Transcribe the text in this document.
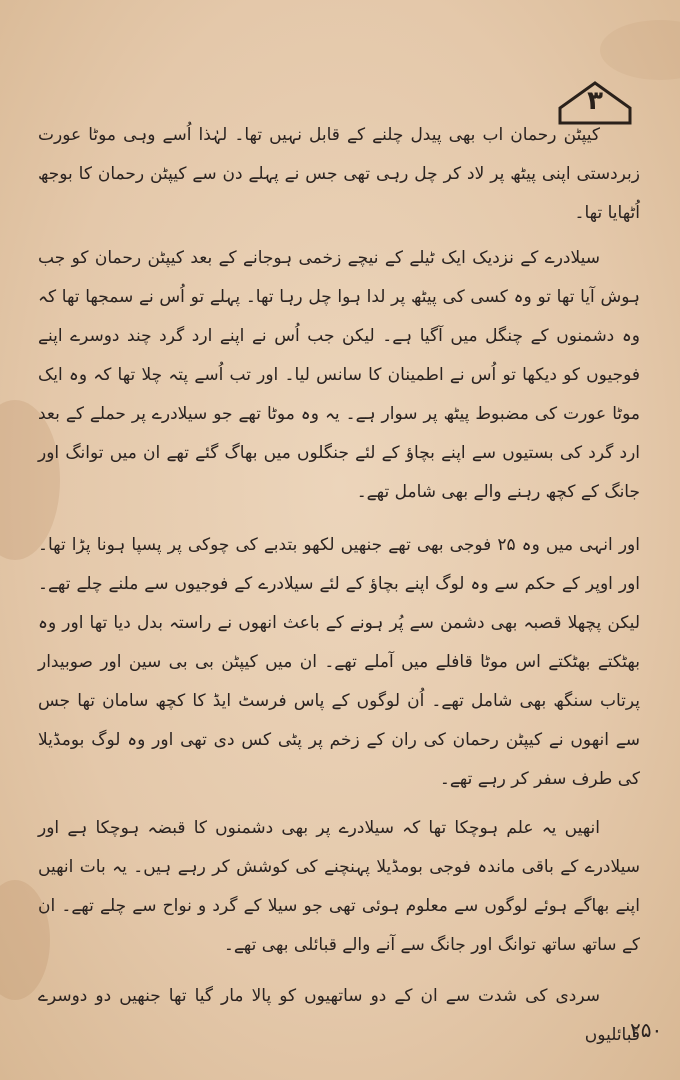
۳

کیپٹن رحمان اب بھی پیدل چلنے کے قابل نہیں تھا۔ لہٰذا اُسے وہی موٹا عورت زبردستی اپنی پیٹھ پر لاد کر چل رہی تھی جس نے پہلے دن سے کیپٹن رحمان کا بوجھ اُٹھایا تھا۔

سیلادرے کے نزدیک ایک ٹیلے کے نیچے زخمی ہوجانے کے بعد کیپٹن رحمان کو جب ہوش آیا تھا تو وہ کسی کی پیٹھ پر لدا ہوا چل رہا تھا۔ پہلے تو اُس نے سمجھا تھا کہ وہ دشمنوں کے چنگل میں آگیا ہے۔ لیکن جب اُس نے اپنے ارد گرد چند دوسرے اپنے فوجیوں کو دیکھا تو اُس نے اطمینان کا سانس لیا۔ اور تب اُسے پتہ چلا تھا کہ وہ ایک موٹا عورت کی مضبوط پیٹھ پر سوار ہے۔ یہ وہ موٹا تھے جو سیلادرے پر حملے کے بعد ارد گرد کی بستیوں سے اپنے بچاؤ کے لئے جنگلوں میں بھاگ گئے تھے ان میں توانگ اور جانگ کے کچھ رہنے والے بھی شامل تھے۔

اور انہی میں وہ ۲۵ فوجی بھی تھے جنھیں لکھو بتدبے کی چوکی پر پسپا ہونا پڑا تھا۔ اور اوپر کے حکم سے وہ لوگ اپنے بچاؤ کے لئے سیلادرے کے فوجیوں سے ملنے چلے تھے۔ لیکن پچھلا قصبہ بھی دشمن سے پُر ہونے کے باعث انھوں نے راستہ بدل دیا تھا اور وہ بھٹکتے بھٹکتے اس موٹا قافلے میں آملے تھے۔ ان میں کیپٹن بی بی سین اور صوبیدار پرتاب سنگھ بھی شامل تھے۔ اُن لوگوں کے پاس فرسٹ ایڈ کا کچھ سامان تھا جس سے انھوں نے کیپٹن رحمان کی ران کے زخم پر پٹی کس دی تھی اور وہ لوگ بومڈیلا کی طرف سفر کر رہے تھے۔

انھیں یہ علم ہوچکا تھا کہ سیلادرے پر بھی دشمنوں کا قبضہ ہوچکا ہے اور سیلادرے کے باقی ماندہ فوجی بومڈیلا پہنچنے کی کوشش کر رہے ہیں۔ یہ بات انھیں اپنے بھاگے ہوئے لوگوں سے معلوم ہوئی تھی جو سیلا کے گرد و نواح سے چلے تھے۔ ان کے ساتھ ساتھ توانگ اور جانگ سے آنے والے قبائلی بھی تھے۔

سردی کی شدت سے ان کے دو ساتھیوں کو پالا مار گیا تھا جنھیں دو دوسرے قبائلیوں

۲۵۰
